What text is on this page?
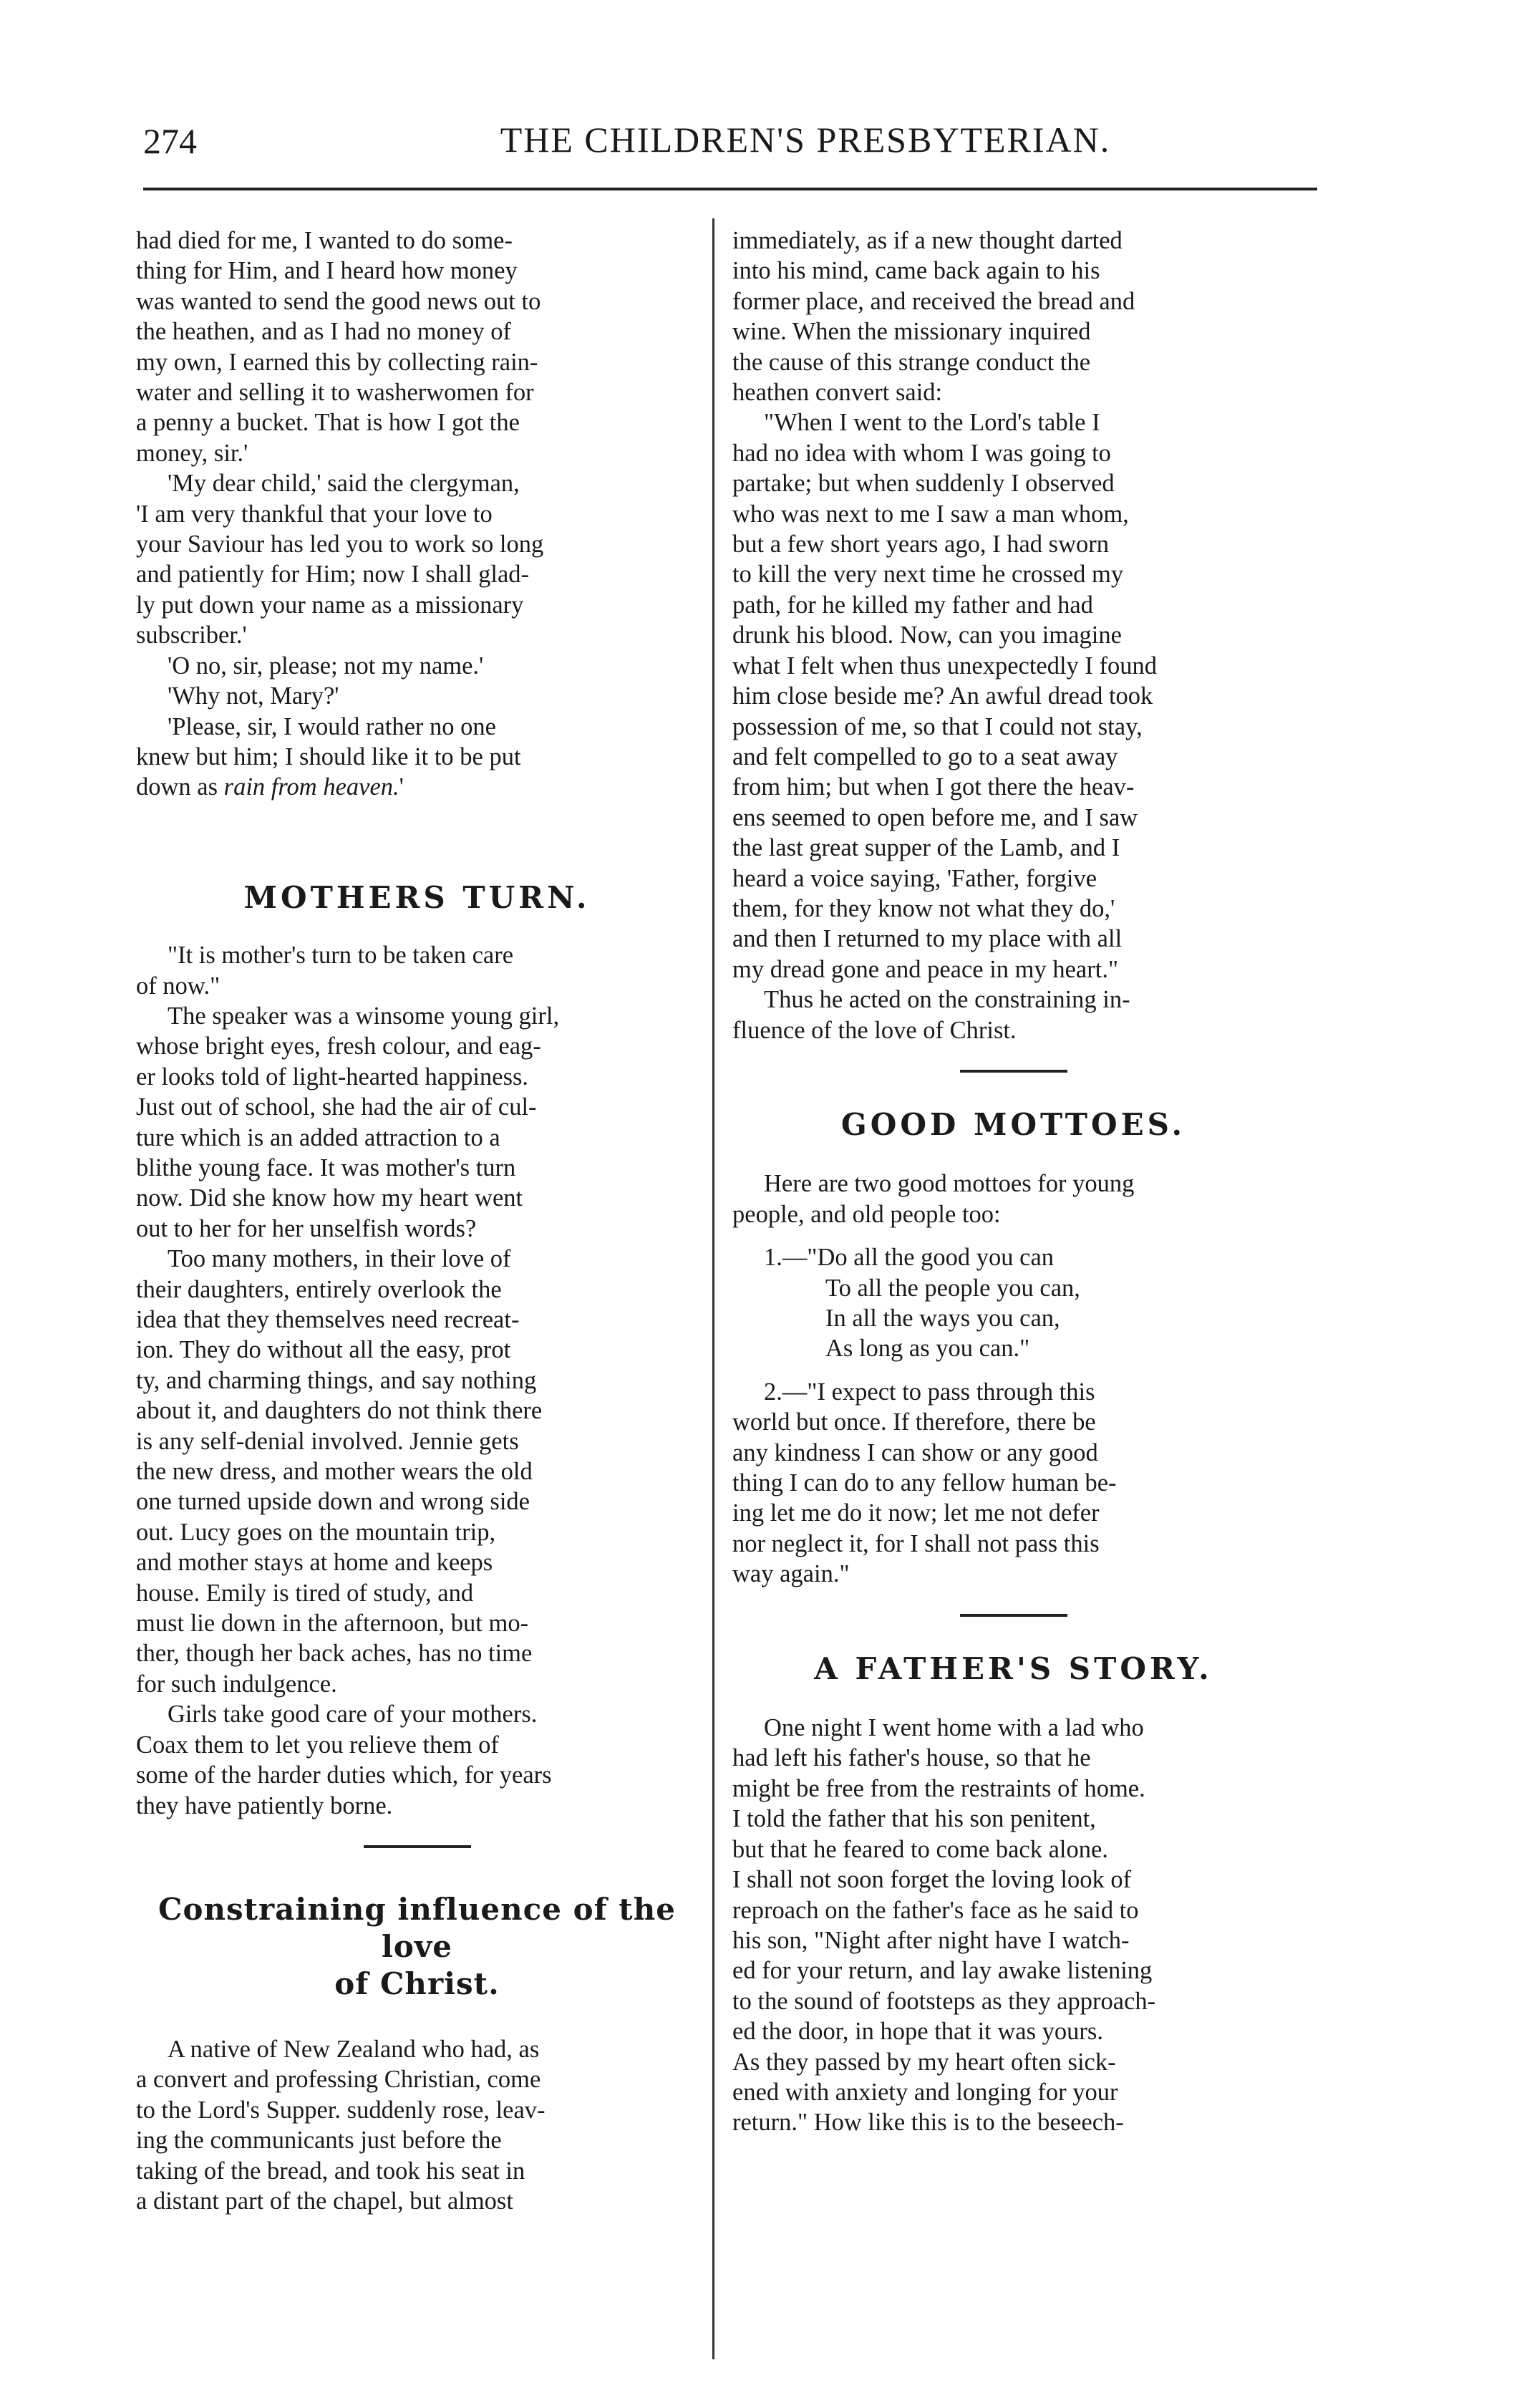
274	THE CHILDREN'S PRESBYTERIAN.

had died for me, I wanted to do some-
thing for Him, and I heard how money
was wanted to send the good news out to
the heathen, and as I had no money of
my own, I earned this by collecting rain-
water and selling it to washerwomen for
a penny a bucket. That is how I got the
money, sir.'

'My dear child,' said the clergyman,
'I am very thankful that your love to
your Saviour has led you to work so long
and patiently for Him; now I shall glad-
ly put down your name as a missionary
subscriber.'

'O no, sir, please; not my name.'

'Why not, Mary?'

'Please, sir, I would rather no one
knew but him; I should like it to be put
down as rain from heaven.'

MOTHERS TURN.

"It is mother's turn to be taken care
of now."

The speaker was a winsome young girl,
whose bright eyes, fresh colour, and eag-
er looks told of light-hearted happiness.
Just out of school, she had the air of cul-
ture which is an added attraction to a
blithe young face. It was mother's turn
now. Did she know how my heart went
out to her for her unselfish words?

Too many mothers, in their love of
their daughters, entirely overlook the
idea that they themselves need recreat-
ion. They do without all the easy, prot
ty, and charming things, and say nothing
about it, and daughters do not think there
is any self-denial involved. Jennie gets
the new dress, and mother wears the old
one turned upside down and wrong side
out. Lucy goes on the mountain trip,
and mother stays at home and keeps
house. Emily is tired of study, and
must lie down in the afternoon, but mo-
ther, though her back aches, has no time
for such indulgence.

Girls take good care of your mothers.
Coax them to let you relieve them of
some of the harder duties which, for years
they have patiently borne.

Constraining influence of the love
of Christ.

A native of New Zealand who had, as
a convert and professing Christian, come
to the Lord's Supper. suddenly rose, leav-
ing the communicants just before the
taking of the bread, and took his seat in
a distant part of the chapel, but almost

immediately, as if a new thought darted
into his mind, came back again to his
former place, and received the bread and
wine. When the missionary inquired
the cause of this strange conduct the
heathen convert said:

"When I went to the Lord's table I
had no idea with whom I was going to
partake; but when suddenly I observed
who was next to me I saw a man whom,
but a few short years ago, I had sworn
to kill the very next time he crossed my
path, for he killed my father and had
drunk his blood. Now, can you imagine
what I felt when thus unexpectedly I found
him close beside me? An awful dread took
possession of me, so that I could not stay,
and felt compelled to go to a seat away
from him; but when I got there the heav-
ens seemed to open before me, and I saw
the last great supper of the Lamb, and I
heard a voice saying, 'Father, forgive
them, for they know not what they do,'
and then I returned to my place with all
my dread gone and peace in my heart."

Thus he acted on the constraining in-
fluence of the love of Christ.

GOOD MOTTOES.

Here are two good mottoes for young
people, and old people too:

1.—"Do all the good you can
To all the people you can,
In all the ways you can,
As long as you can."

2.—"I expect to pass through this
world but once. If therefore, there be
any kindness I can show or any good
thing I can do to any fellow human be-
ing let me do it now; let me not defer
nor neglect it, for I shall not pass this
way again."

A FATHER'S STORY.

One night I went home with a lad who
had left his father's house, so that he
might be free from the restraints of home.
I told the father that his son penitent,
but that he feared to come back alone.

I shall not soon forget the loving look of
reproach on the father's face as he said to
his son, "Night after night have I watch-
ed for your return, and lay awake listening
to the sound of footsteps as they approach-
ed the door, in hope that it was yours.
As they passed by my heart often sick-
ened with anxiety and longing for your
return." How like this is to the beseech-
